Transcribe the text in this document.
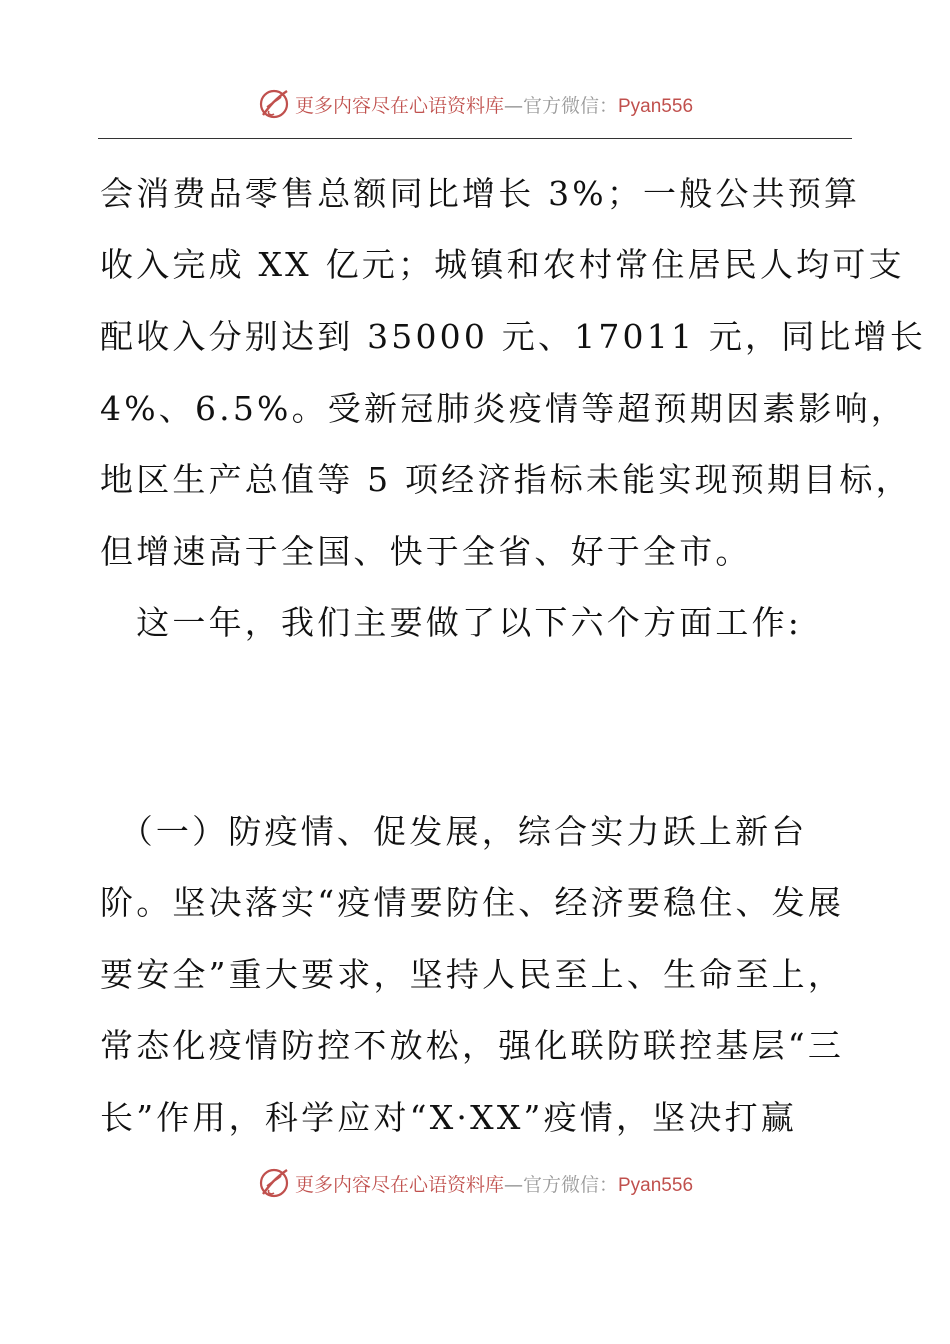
更多内容尽在心语资料库—官方微信：Pyan556
会消费品零售总额同比增长 3%；一般公共预算
收入完成 XX 亿元；城镇和农村常住居民人均可支
配收入分别达到 35000 元、17011 元，同比增长
4%、6.5%。受新冠肺炎疫情等超预期因素影响，
地区生产总值等 5 项经济指标未能实现预期目标，
但增速高于全国、快于全省、好于全市。
　这一年，我们主要做了以下六个方面工作:
　（一）防疫情、促发展，综合实力跃上新台
阶。坚决落实“疫情要防住、经济要稳住、发展
要安全”重大要求，坚持人民至上、生命至上，
常态化疫情防控不放松，强化联防联控基层“三
长”作用，科学应对“X·XX”疫情，坚决打赢
更多内容尽在心语资料库—官方微信：Pyan556
